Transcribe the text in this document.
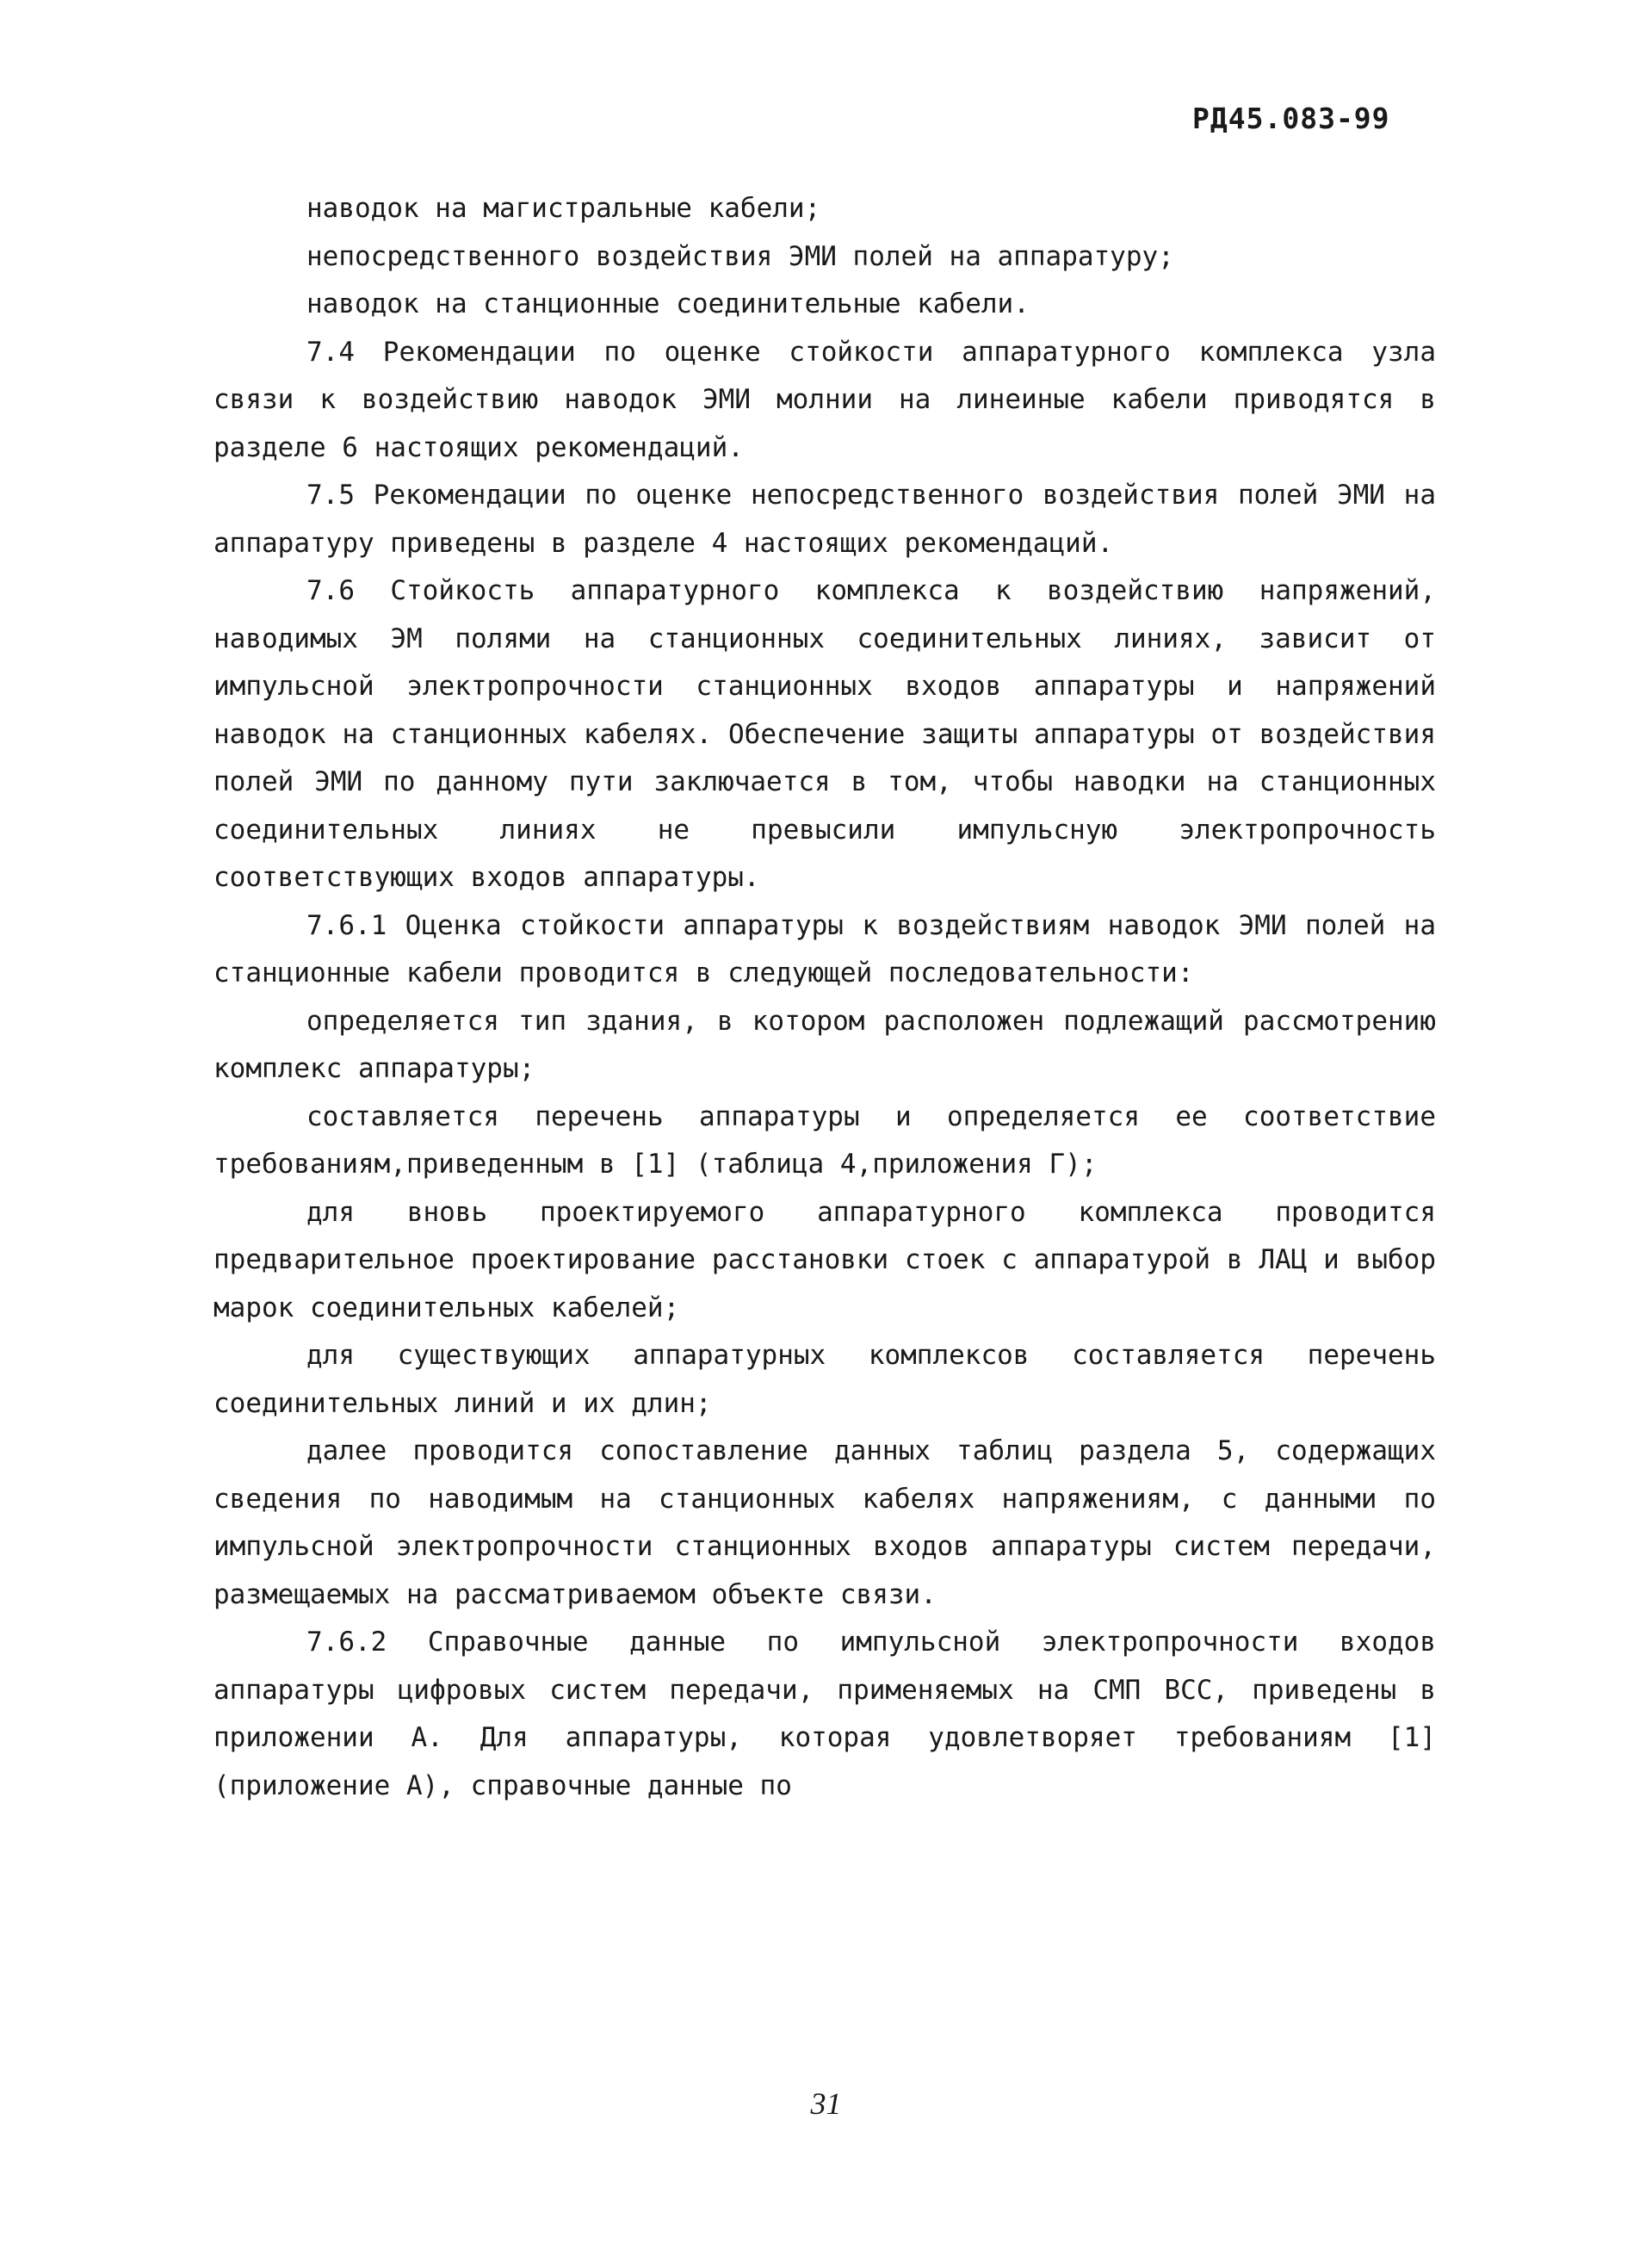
РД45.083-99

наводок на магистральные кабели;

непосредственного воздействия ЭМИ полей на аппаратуру;

наводок на станционные соединительные кабели.

7.4 Рекомендации по оценке стойкости аппаратурного комплекса узла связи к воздействию наводок ЭМИ молнии на линеиные кабели приводятся в разделе 6 настоящих рекомендаций.

7.5 Рекомендации по оценке непосредственного воздействия полей ЭМИ на аппаратуру приведены в разделе 4 настоящих рекомендаций.

7.6 Стойкость аппаратурного комплекса к воздействию напряжений, наводимых ЭМ полями на станционных соединительных линиях, зависит от импульсной электропрочности станционных входов аппаратуры и напряжений наводок на станционных кабелях. Обеспечение защиты аппаратуры от воздействия полей ЭМИ по данному пути заключается в том, чтобы наводки на станционных соединительных линиях не превысили импульсную электропрочность соответствующих входов аппаратуры.

7.6.1 Оценка стойкости аппаратуры к воздействиям наводок ЭМИ полей на станционные кабели проводится в следующей последовательности:

определяется тип здания, в котором расположен подлежащий рассмотрению комплекс аппаратуры;

составляется перечень аппаратуры и определяется ее соответствие требованиям,приведенным в [1] (таблица 4,приложения Г);

для вновь проектируемого аппаратурного комплекса проводится предварительное проектирование расстановки стоек с аппаратурой в ЛАЦ и выбор марок соединительных кабелей;

для существующих аппаратурных комплексов составляется перечень соединительных линий и их длин;

далее проводится сопоставление данных таблиц раздела 5, содержащих сведения по наводимым на станционных кабелях напряжениям, с данными по импульсной электропрочности станционных входов аппаратуры систем передачи, размещаемых на рассматриваемом объекте связи.

7.6.2 Справочные данные по импульсной электропрочности входов аппаратуры цифровых систем передачи, применяемых на СМП ВСС, приведены в приложении А. Для аппаратуры, которая удовлетворяет требованиям [1] (приложение А), справочные данные по

31
